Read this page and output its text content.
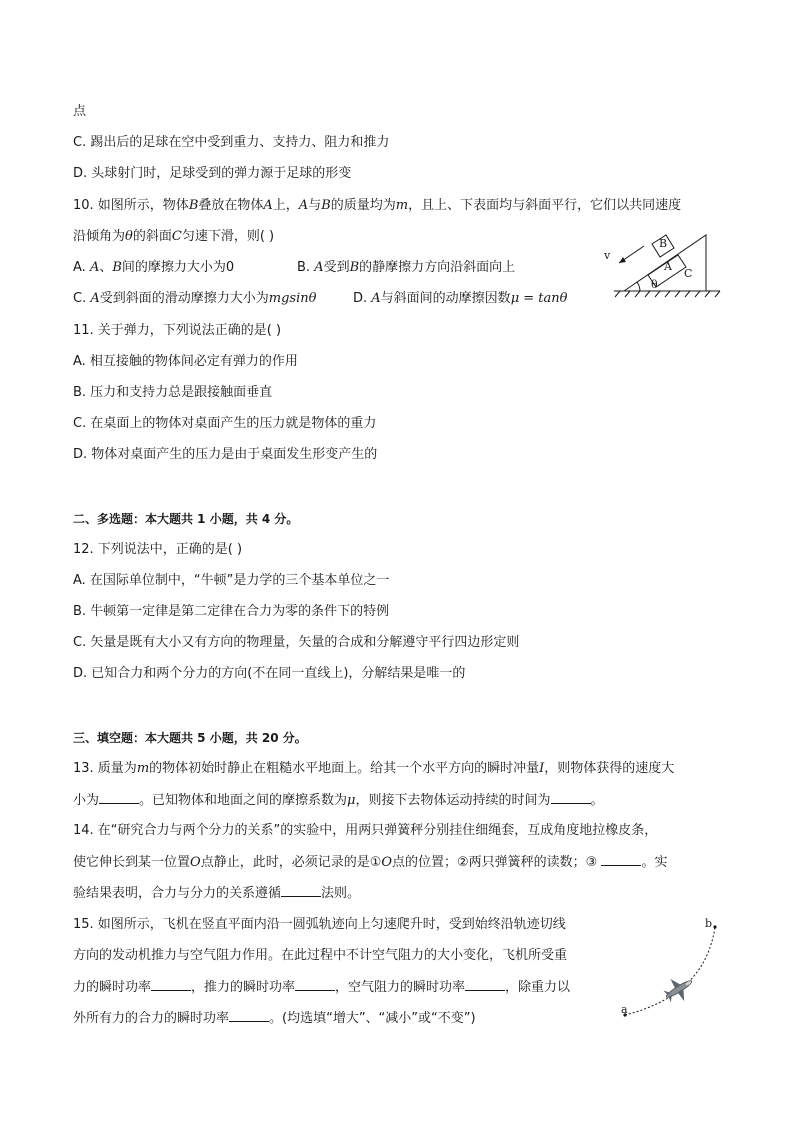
点
C. 踢出后的足球在空中受到重力、支持力、阻力和推力
D. 头球射门时，足球受到的弹力源于足球的形变
10. 如图所示，物体B叠放在物体A上，A与B的质量均为m，且上、下表面均与斜面平行，它们以共同速度
沿倾角为θ的斜面C匀速下滑，则( )
A. A、B间的摩擦力大小为0	B. A受到B的静摩擦力方向沿斜面向上
C. A受到斜面的滑动摩擦力大小为mgsinθ	D. A与斜面间的动摩擦因数μ = tanθ
v
B
A
C
θ
11. 关于弹力，下列说法正确的是( )
A. 相互接触的物体间必定有弹力的作用
B. 压力和支持力总是跟接触面垂直
C. 在桌面上的物体对桌面产生的压力就是物体的重力
D. 物体对桌面产生的压力是由于桌面发生形变产生的
二、多选题：本大题共 1 小题，共 4 分。
12. 下列说法中，正确的是( )
A. 在国际单位制中，“牛顿”是力学的三个基本单位之一
B. 牛顿第一定律是第二定律在合力为零的条件下的特例
C. 矢量是既有大小又有方向的物理量，矢量的合成和分解遵守平行四边形定则
D. 已知合力和两个分力的方向(不在同一直线上)，分解结果是唯一的
三、填空题：本大题共 5 小题，共 20 分。
13. 质量为m的物体初始时静止在粗糙水平地面上。给其一个水平方向的瞬时冲量I，则物体获得的速度大
小为	。已知物体和地面之间的摩擦系数为μ，则接下去物体运动持续的时间为	。
14. 在“研究合力与两个分力的关系”的实验中，用两只弹簧秤分别挂住细绳套，互成角度地拉橡皮条，
使它伸长到某一位置O点静止，此时，必须记录的是①O点的位置；②两只弹簧秤的读数；③	。实
验结果表明，合力与分力的关系遵循	法则。
15. 如图所示，飞机在竖直平面内沿一圆弧轨迹向上匀速爬升时，受到始终沿轨迹切线
方向的发动机推力与空气阻力作用。在此过程中不计空气阻力的大小变化，飞机所受重
力的瞬时功率	，推力的瞬时功率	，空气阻力的瞬时功率	，除重力以
外所有力的合力的瞬时功率	。(均选填“增大”、“减小”或“不变”)
a
b
